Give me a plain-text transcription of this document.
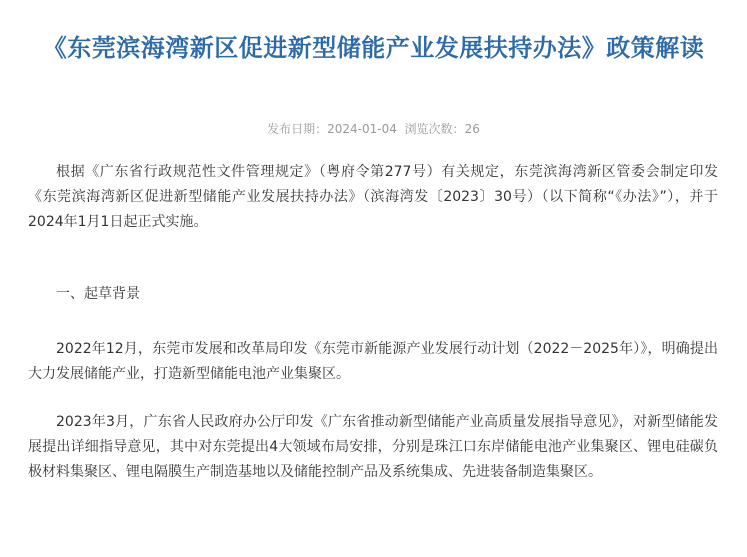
《东莞滨海湾新区促进新型储能产业发展扶持办法》政策解读
发布日期：2024-01-04 浏览次数：26

根据《广东省行政规范性文件管理规定》（粤府令第277号）有关规定，东莞滨海湾新区管委会制定印发《东莞滨海湾新区促进新型储能产业发展扶持办法》（滨海湾发〔2023〕30号）（以下简称“《办法》”），并于2024年1月1日起正式实施。

一、起草背景

2022年12月，东莞市发展和改革局印发《东莞市新能源产业发展行动计划（2022－2025年）》，明确提出大力发展储能产业，打造新型储能电池产业集聚区。

2023年3月，广东省人民政府办公厅印发《广东省推动新型储能产业高质量发展指导意见》，对新型储能发展提出详细指导意见，其中对东莞提出4大领域布局安排，分别是珠江口东岸储能电池产业集聚区、锂电硅碳负极材料集聚区、锂电隔膜生产制造基地以及储能控制产品及系统集成、先进装备制造集聚区。
